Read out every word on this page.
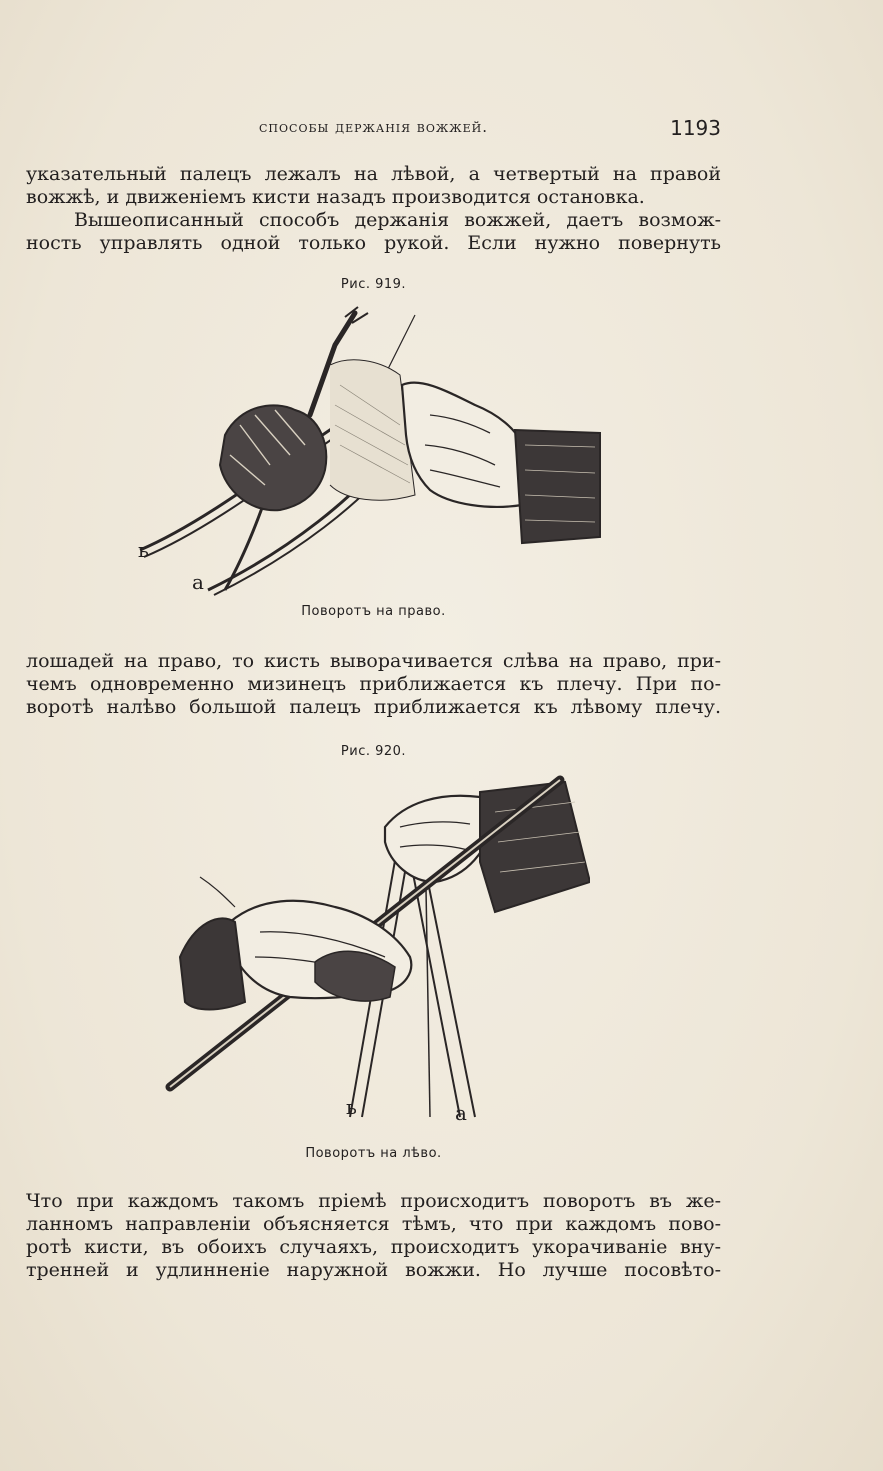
способы держанія вожжей.	1193

указательный палецъ лежалъ на лѣвой, а четвертый на правой
вожжѣ, и движеніемъ кисти назадъ производится остановка.

Вышеописанный способъ держанія вожжей, даетъ возмож-
ность управлять одной только рукой. Если нужно повернуть

Рис. 919.
ь
а
Поворотъ на право.

лошадей на право, то кисть выворачивается слѣва на право, при-
чемъ одновременно мизинецъ приближается къ плечу. При по-
воротѣ налѣво большой палецъ приближается къ лѣвому плечу.

Рис. 920.
ь	а
Поворотъ на лѣво.

Что при каждомъ такомъ пріемѣ происходитъ поворотъ въ же-
ланномъ направленіи объясняется тѣмъ, что при каждомъ пово-
ротѣ кисти, въ обоихъ случаяхъ, происходитъ укорачиваніе вну-
тренней и удлинненіе наружной вожжи. Но лучше посовѣто-
